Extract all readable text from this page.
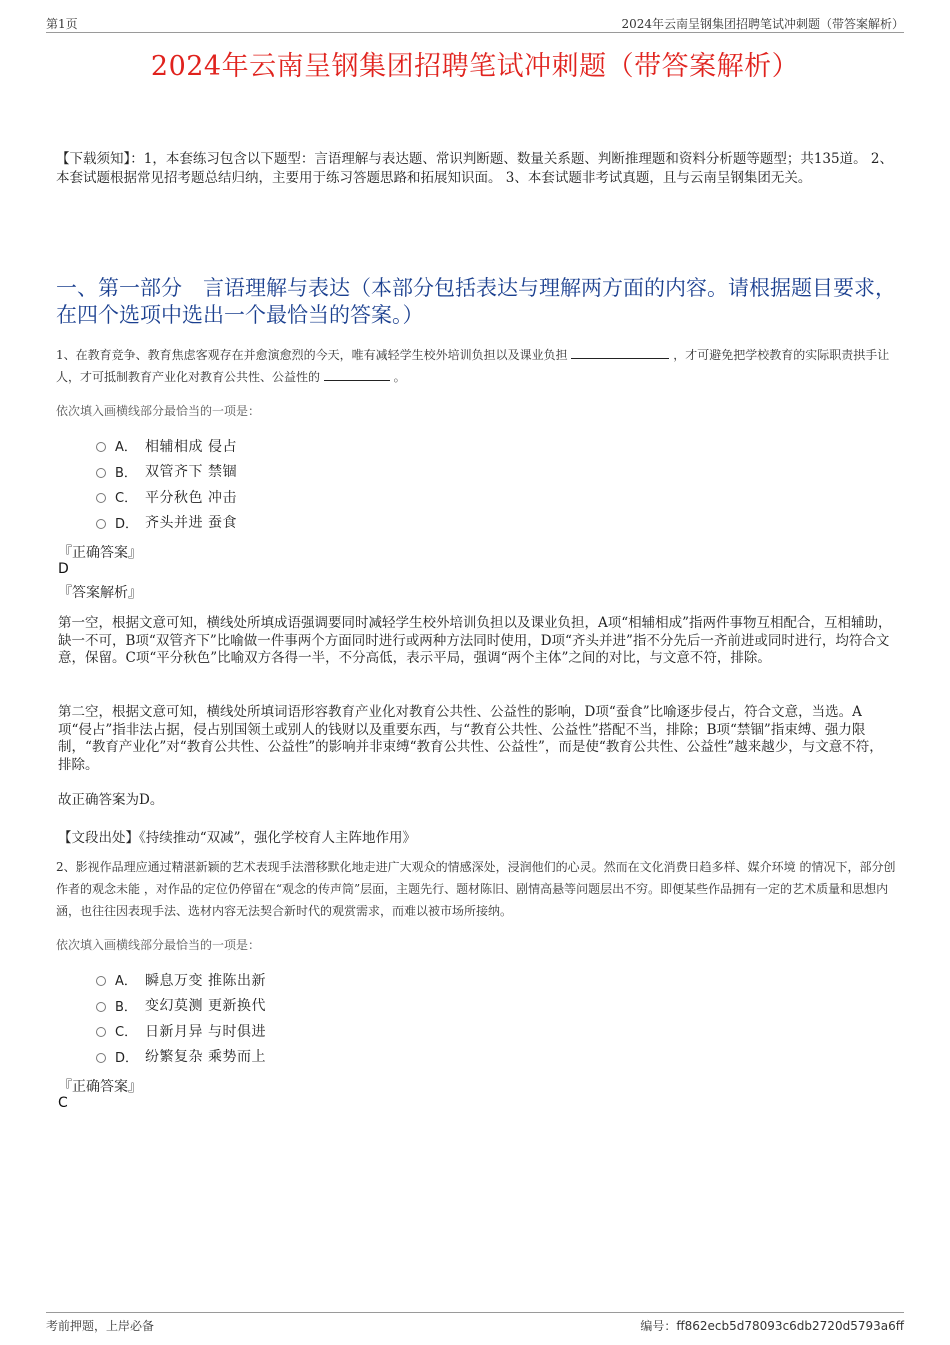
第1页	2024年云南呈钢集团招聘笔试冲刺题（带答案解析）
2024年云南呈钢集团招聘笔试冲刺题（带答案解析）
【下载须知】：1，本套练习包含以下题型：言语理解与表达题、常识判断题、数量关系题、判断推理题和资料分析题等题型；共135道。 2、本套试题根据常见招考题总结归纳，主要用于练习答题思路和拓展知识面。 3、本套试题非考试真题，且与云南呈钢集团无关。
一、第一部分　言语理解与表达（本部分包括表达与理解两方面的内容。请根据题目要求，在四个选项中选出一个最恰当的答案。）
1、在教育竞争、教育焦虑客观存在并愈演愈烈的今天，唯有减轻学生校外培训负担以及课业负担	，才可避免把学校教育的实际职责拱手让人，才可抵制教育产业化对教育公共性、公益性的	。
依次填入画横线部分最恰当的一项是：
A． 相辅相成 侵占
B． 双管齐下 禁锢
C． 平分秋色 冲击
D． 齐头并进 蚕食
『正确答案』
D
『答案解析』
第一空，根据文意可知，横线处所填成语强调要同时减轻学生校外培训负担以及课业负担，A项“相辅相成”指两件事物互相配合，互相辅助，缺一不可，B项“双管齐下”比喻做一件事两个方面同时进行或两种方法同时使用，D项“齐头并进”指不分先后一齐前进或同时进行，均符合文意，保留。C项“平分秋色”比喻双方各得一半，不分高低，表示平局，强调“两个主体”之间的对比，与文意不符，排除。
第二空，根据文意可知，横线处所填词语形容教育产业化对教育公共性、公益性的影响，D项“蚕食”比喻逐步侵占，符合文意，当选。A项“侵占”指非法占据，侵占别国领土或别人的钱财以及重要东西，与“教育公共性、公益性”搭配不当，排除；B项“禁锢”指束缚、强力限制，“教育产业化”对“教育公共性、公益性”的影响并非束缚“教育公共性、公益性”，而是使“教育公共性、公益性”越来越少，与文意不符，排除。
故正确答案为D。
【文段出处】《持续推动“双减”，强化学校育人主阵地作用》
2、影视作品理应通过精湛新颖的艺术表现手法潜移默化地走进广大观众的情感深处，浸润他们的心灵。然而在文化消费日趋多样、媒介环境 的情况下，部分创作者的观念未能 ，对作品的定位仍停留在“观念的传声筒”层面，主题先行、题材陈旧、剧情高悬等问题层出不穷。即便某些作品拥有一定的艺术质量和思想内涵，也往往因表现手法、选材内容无法契合新时代的观赏需求，而难以被市场所接纳。
依次填入画横线部分最恰当的一项是：
A． 瞬息万变 推陈出新
B． 变幻莫测 更新换代
C． 日新月异 与时俱进
D． 纷繁复杂 乘势而上
『正确答案』
C
考前押题，上岸必备	编号：ff862ecb5d78093c6db2720d5793a6ff
